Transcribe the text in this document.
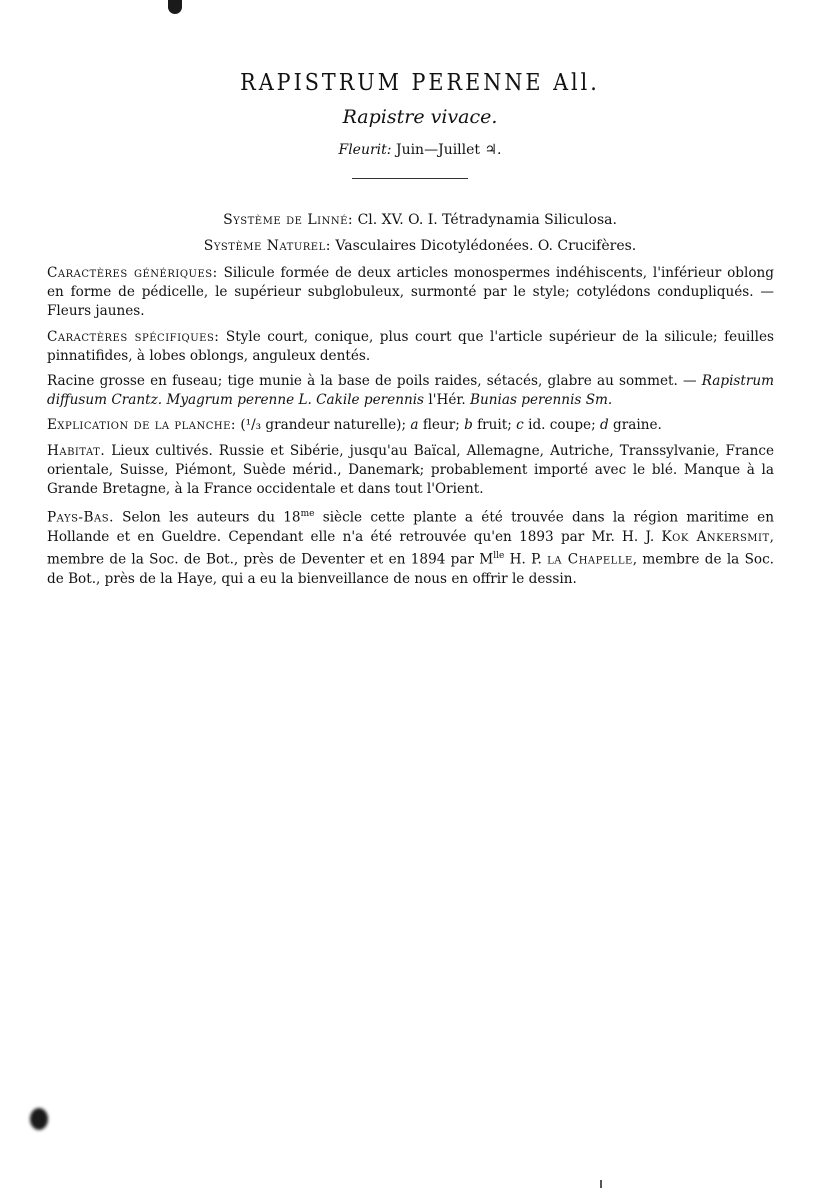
RAPISTRUM PERENNE All.
Rapistre vivace.
Fleurit: Juin—Juillet ♃.
Système de Linné: Cl. XV. O. I. Tétradynamia Siliculosa.
Système Naturel: Vasculaires Dicotylédonées. O. Crucifères.

Caractères génériques: Silicule formée de deux articles monospermes indéhiscents, l'inférieur oblong en forme de pédicelle, le supérieur subglobuleux, surmonté par le style; cotylédons condupliqués. — Fleurs jaunes.

Caractères spécifiques: Style court, conique, plus court que l'article supérieur de la silicule; feuilles pinnatifides, à lobes oblongs, anguleux dentés.

Racine grosse en fuseau; tige munie à la base de poils raides, sétacés, glabre au sommet. — Rapistrum diffusum Crantz. Myagrum perenne L. Cakile perennis l'Hér. Bunias perennis Sm.

Explication de la planche: (¹/₃ grandeur naturelle); a fleur; b fruit; c id. coupe; d graine.

Habitat. Lieux cultivés. Russie et Sibérie, jusqu'au Baïcal, Allemagne, Autriche, Transsylvanie, France orientale, Suisse, Piémont, Suède mérid., Danemark; probablement importé avec le blé. Manque à la Grande Bretagne, à la France occidentale et dans tout l'Orient.

Pays-Bas. Selon les auteurs du $18^{me}$ siècle cette plante a été trouvée dans la région maritime en Hollande et en Gueldre. Cependant elle n'a été retrouvée qu'en 1893 par Mr. H. J. Kok Ankersmit, membre de la Soc. de Bot., près de Deventer et en 1894 par $M^{lle}$ H. P. la Chapelle, membre de la Soc. de Bot., près de la Haye, qui a eu la bienveillance de nous en offrir le dessin.
